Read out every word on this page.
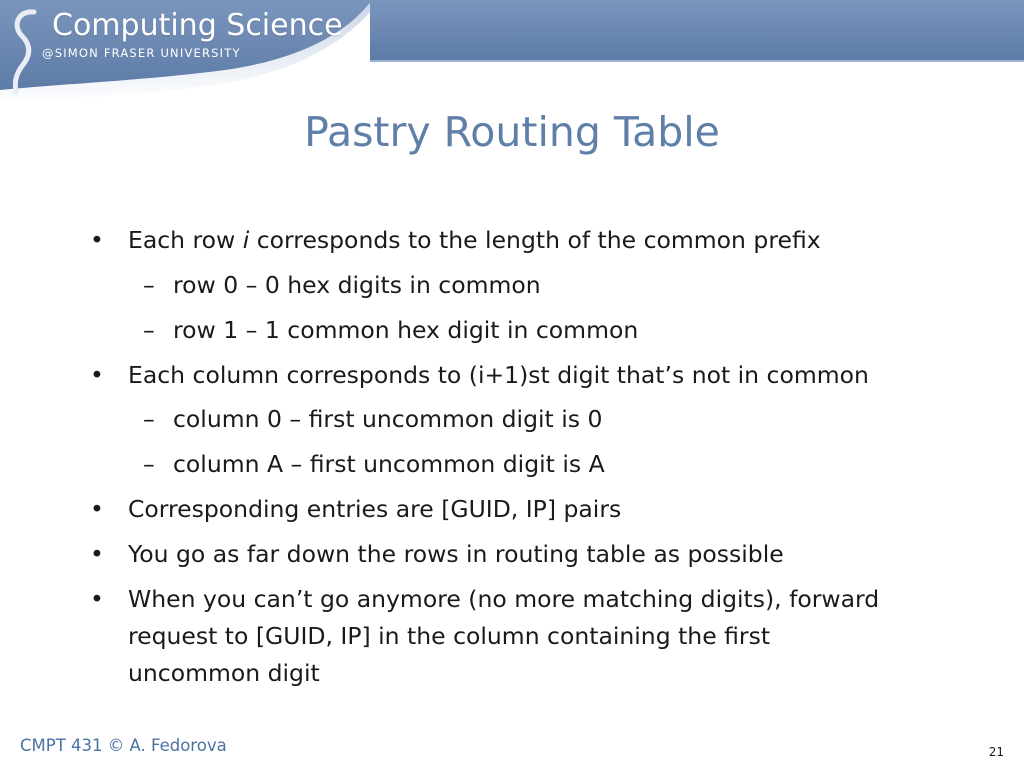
Computing Science
@SIMON FRASER UNIVERSITY
Pastry Routing Table
• Each row i corresponds to the length of the common prefix
– row 0 – 0 hex digits in common
– row 1 – 1 common hex digit in common
• Each column corresponds to (i+1)st digit that’s not in common
– column 0 – first uncommon digit is 0
– column A – first uncommon digit is A
• Corresponding entries are [GUID, IP] pairs
• You go as far down the rows in routing table as possible
• When you can’t go anymore (no more matching digits), forward
request to [GUID, IP] in the column containing the first
uncommon digit
CMPT 431 © A. Fedorova	21
